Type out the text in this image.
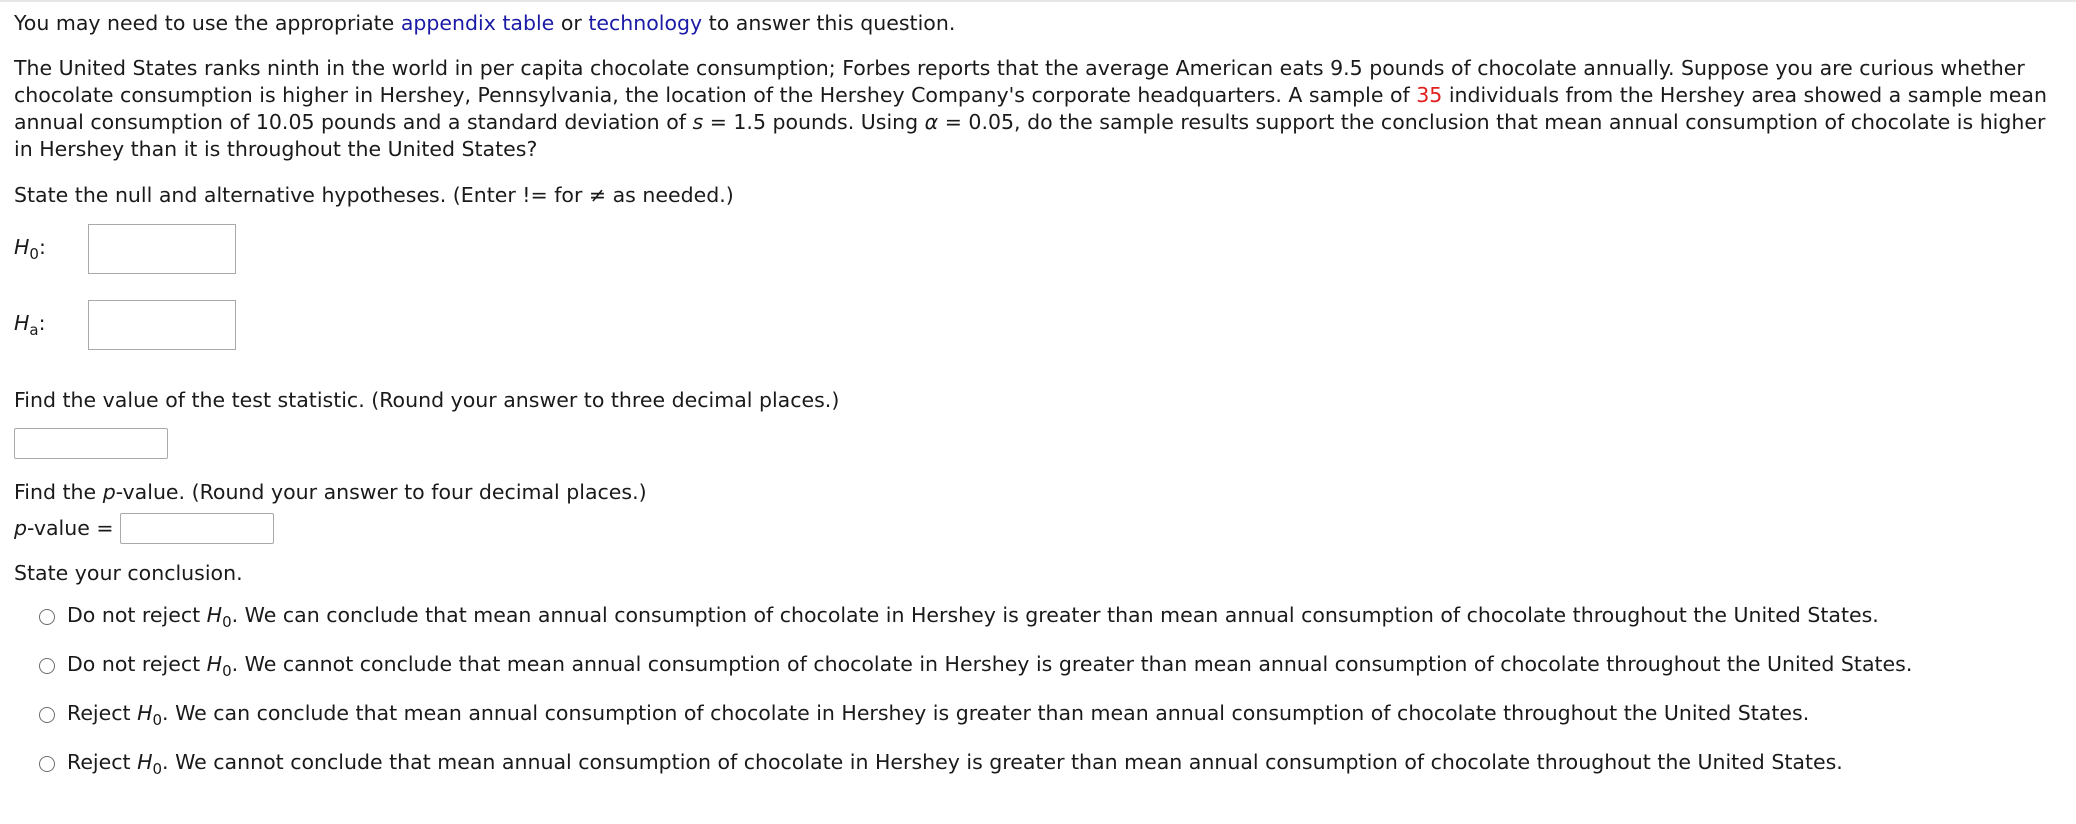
You may need to use the appropriate appendix table or technology to answer this question.

The United States ranks ninth in the world in per capita chocolate consumption; Forbes reports that the average American eats 9.5 pounds of chocolate annually. Suppose you are curious whether chocolate consumption is higher in Hershey, Pennsylvania, the location of the Hershey Company's corporate headquarters. A sample of 35 individuals from the Hershey area showed a sample mean annual consumption of 10.05 pounds and a standard deviation of s = 1.5 pounds. Using α = 0.05, do the sample results support the conclusion that mean annual consumption of chocolate is higher in Hershey than it is throughout the United States?

State the null and alternative hypotheses. (Enter != for ≠ as needed.)

$H_0$:
$H_a$:

Find the value of the test statistic. (Round your answer to three decimal places.)

Find the p-value. (Round your answer to four decimal places.)

p-value =

State your conclusion.

Do not reject $H_0$. We can conclude that mean annual consumption of chocolate in Hershey is greater than mean annual consumption of chocolate throughout the United States.
Do not reject $H_0$. We cannot conclude that mean annual consumption of chocolate in Hershey is greater than mean annual consumption of chocolate throughout the United States.
Reject $H_0$. We can conclude that mean annual consumption of chocolate in Hershey is greater than mean annual consumption of chocolate throughout the United States.
Reject $H_0$. We cannot conclude that mean annual consumption of chocolate in Hershey is greater than mean annual consumption of chocolate throughout the United States.
